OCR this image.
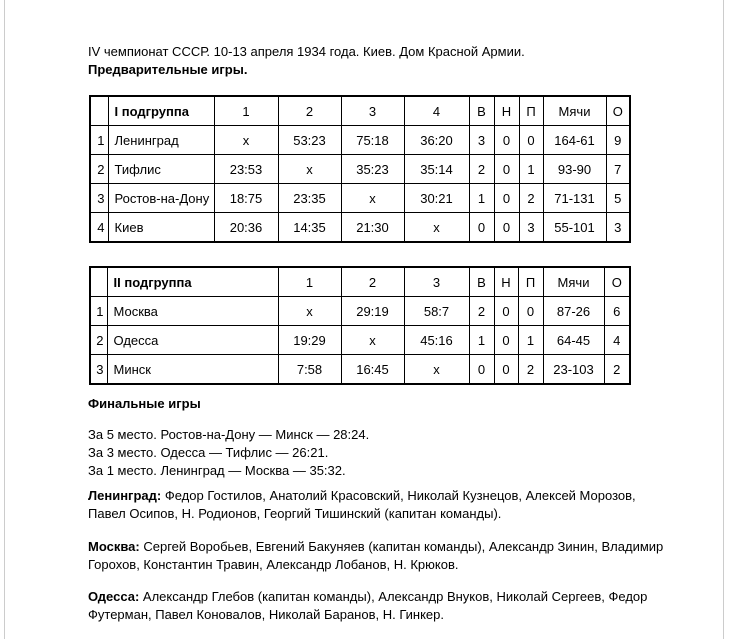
IV чемпионат СССР. 10-13 апреля 1934 года. Киев. Дом Красной Армии.
Предварительные игры.
	I подгруппа	1	2	3	4	В	Н	П	Мячи	О
1	Ленинград	x	53:23	75:18	36:20	3	0	0	164-61	9
2	Тифлис	23:53	x	35:23	35:14	2	0	1	93-90	7
3	Ростов-на-Дону	18:75	23:35	x	30:21	1	0	2	71-131	5
4	Киев	20:36	14:35	21:30	x	0	0	3	55-101	3
	II подгруппа	1	2	3	В	Н	П	Мячи	О
1	Москва	x	29:19	58:7	2	0	0	87-26	6
2	Одесса	19:29	x	45:16	1	0	1	64-45	4
3	Минск	7:58	16:45	x	0	0	2	23-103	2
Финальные игры
За 5 место. Ростов-на-Дону — Минск — 28:24.
За 3 место. Одесса — Тифлис — 26:21.
За 1 место. Ленинград — Москва — 35:32.
Ленинград: Федор Гостилов, Анатолий Красовский, Николай Кузнецов, Алексей Морозов,
Павел Осипов, Н. Родионов, Георгий Тишинский (капитан команды).
Москва: Сергей Воробьев, Евгений Бакуняев (капитан команды), Александр Зинин, Владимир
Горохов, Константин Травин, Александр Лобанов, Н. Крюков.
Одесса: Александр Глебов (капитан команды), Александр Внуков, Николай Сергеев, Федор
Футерман, Павел Коновалов, Николай Баранов, Н. Гинкер.
